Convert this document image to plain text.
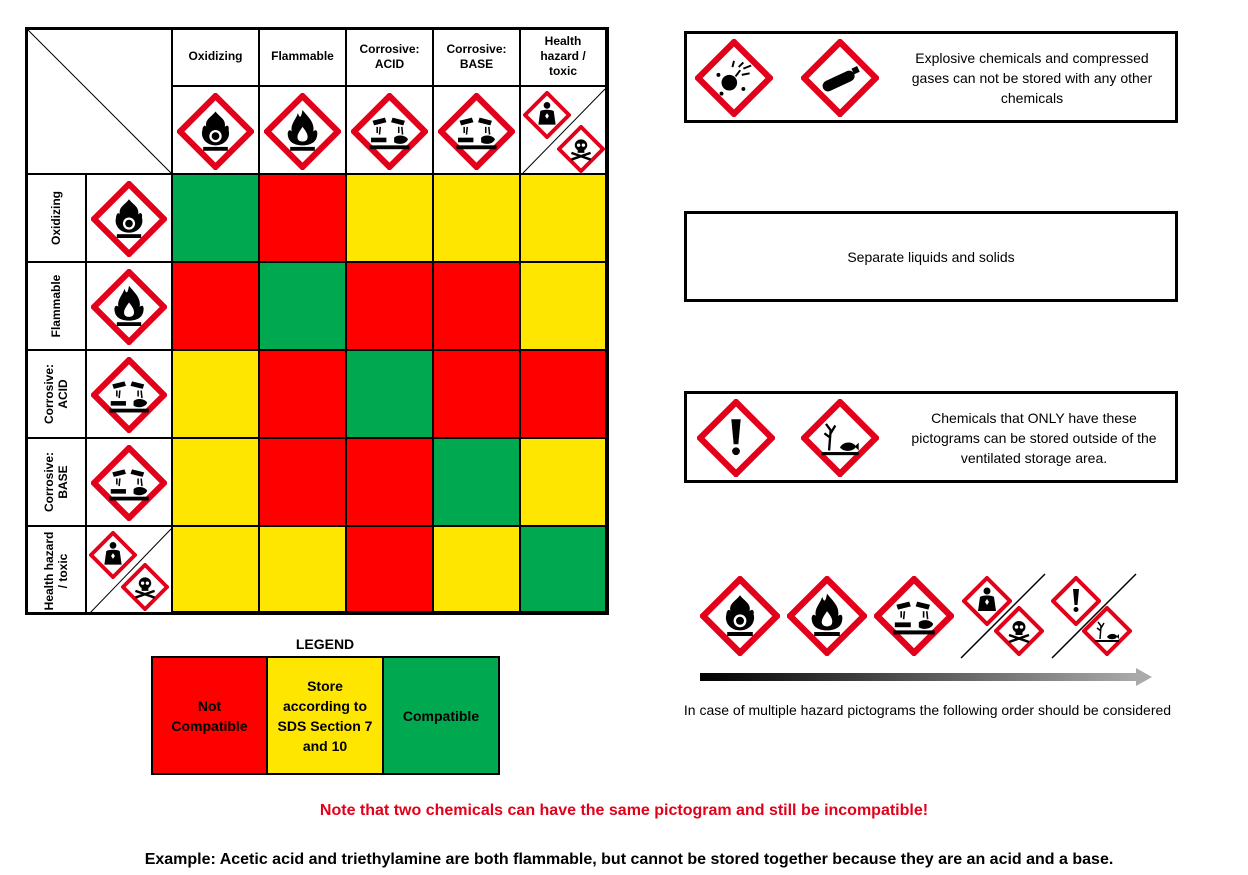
Oxidizing Flammable
Corrosive: ACID
Corrosive: BASE
Health hazard / toxic
Oxidizing
Flammable
Corrosive: ACID
Corrosive: BASE
Health hazard / toxic
LEGEND
Not Compatible
Store according to SDS Section 7 and 10
Compatible
Explosive chemicals and compressed gases can not be stored with any other chemicals
Separate liquids and solids
Chemicals that ONLY have these pictograms can be stored outside of the ventilated storage area.
In case of multiple hazard pictograms the following order should be considered
Note that two chemicals can have the same pictogram and still be incompatible!
Example: Acetic acid and triethylamine are both flammable, but cannot be stored together because they are an acid and a base.
